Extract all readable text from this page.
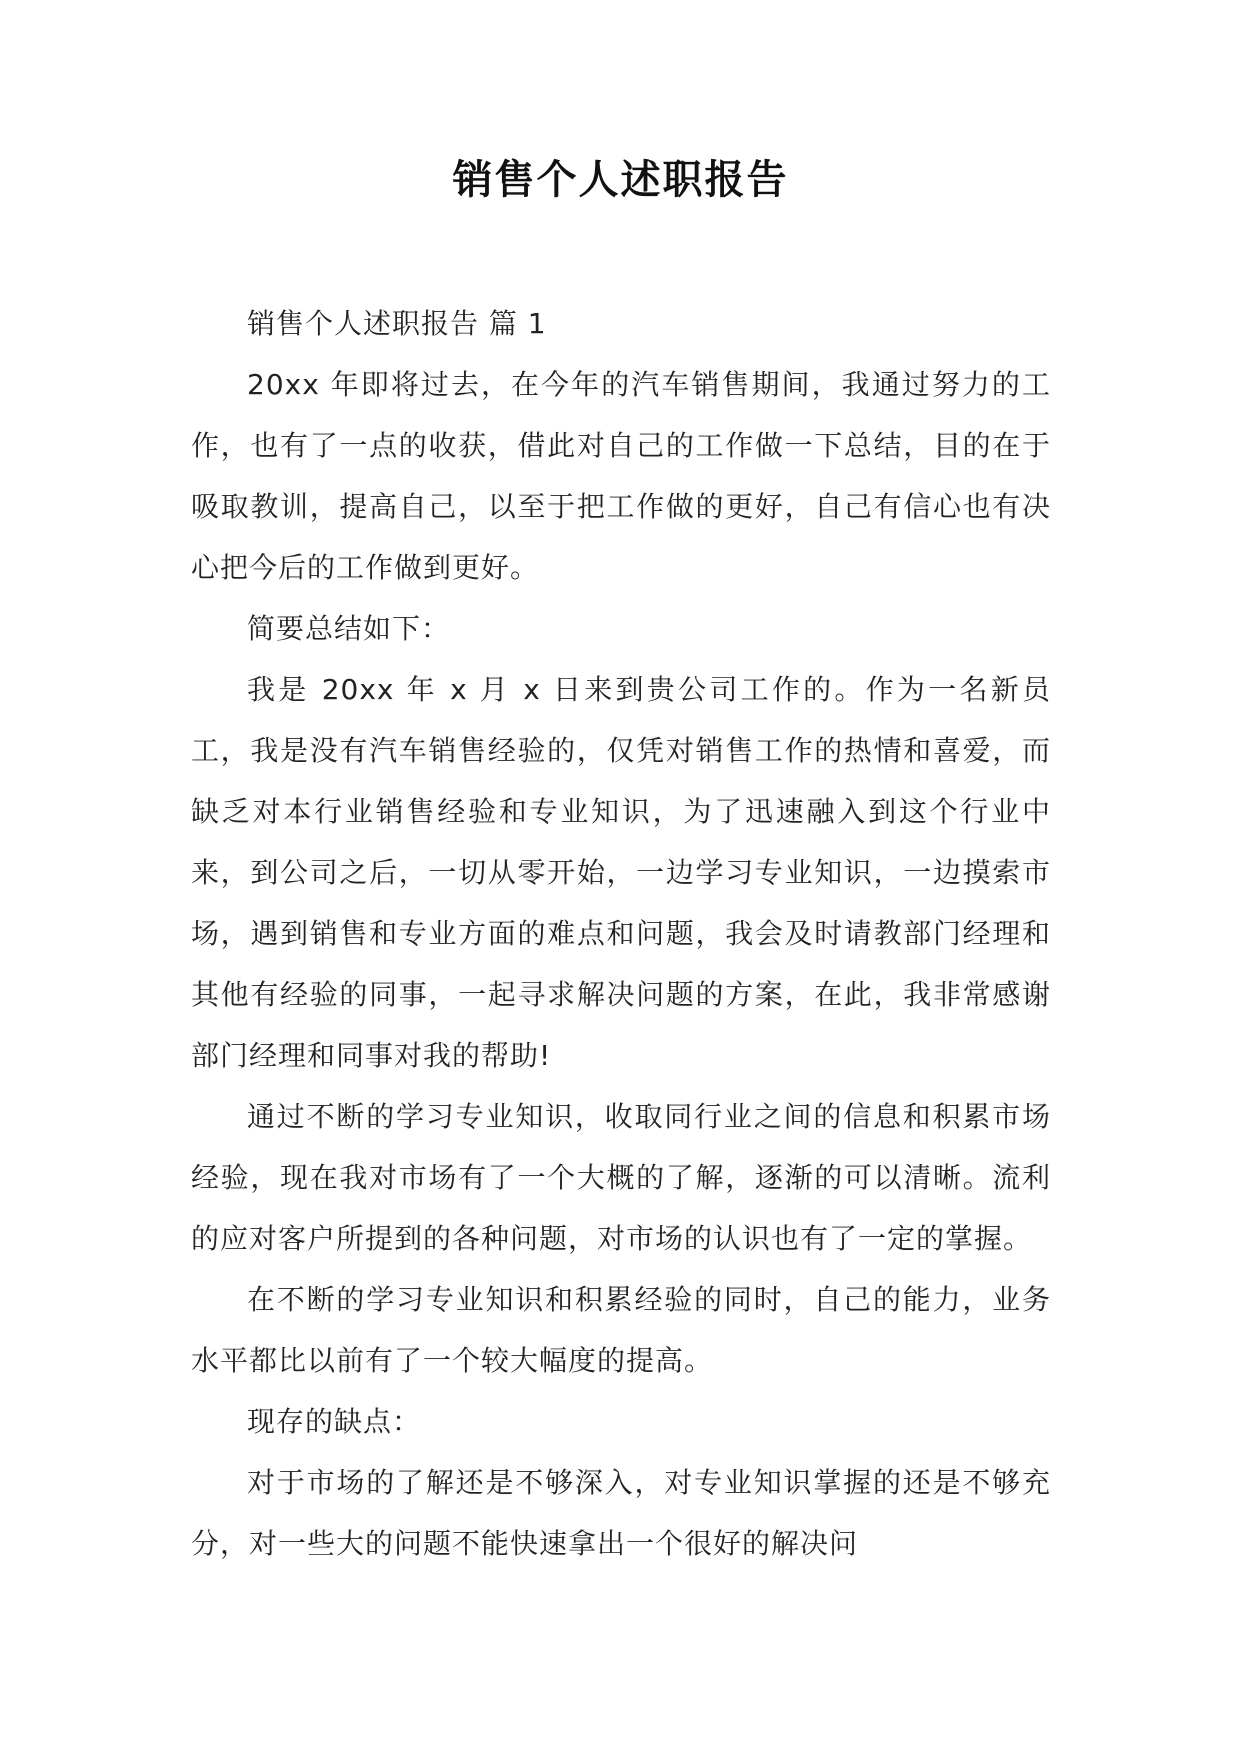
销售个人述职报告

销售个人述职报告 篇 1

20xx 年即将过去，在今年的汽车销售期间，我通过努力的工作，也有了一点的收获，借此对自己的工作做一下总结，目的在于吸取教训，提高自己，以至于把工作做的更好，自己有信心也有决心把今后的工作做到更好。

简要总结如下：

我是 20xx 年 x 月 x 日来到贵公司工作的。作为一名新员工，我是没有汽车销售经验的，仅凭对销售工作的热情和喜爱，而缺乏对本行业销售经验和专业知识，为了迅速融入到这个行业中来，到公司之后，一切从零开始，一边学习专业知识，一边摸索市场，遇到销售和专业方面的难点和问题，我会及时请教部门经理和其他有经验的同事，一起寻求解决问题的方案，在此，我非常感谢部门经理和同事对我的帮助!

通过不断的学习专业知识，收取同行业之间的信息和积累市场经验，现在我对市场有了一个大概的了解，逐渐的可以清晰。流利的应对客户所提到的各种问题，对市场的认识也有了一定的掌握。

在不断的学习专业知识和积累经验的同时，自己的能力，业务水平都比以前有了一个较大幅度的提高。

现存的缺点：

对于市场的了解还是不够深入，对专业知识掌握的还是不够充分，对一些大的问题不能快速拿出一个很好的解决问
